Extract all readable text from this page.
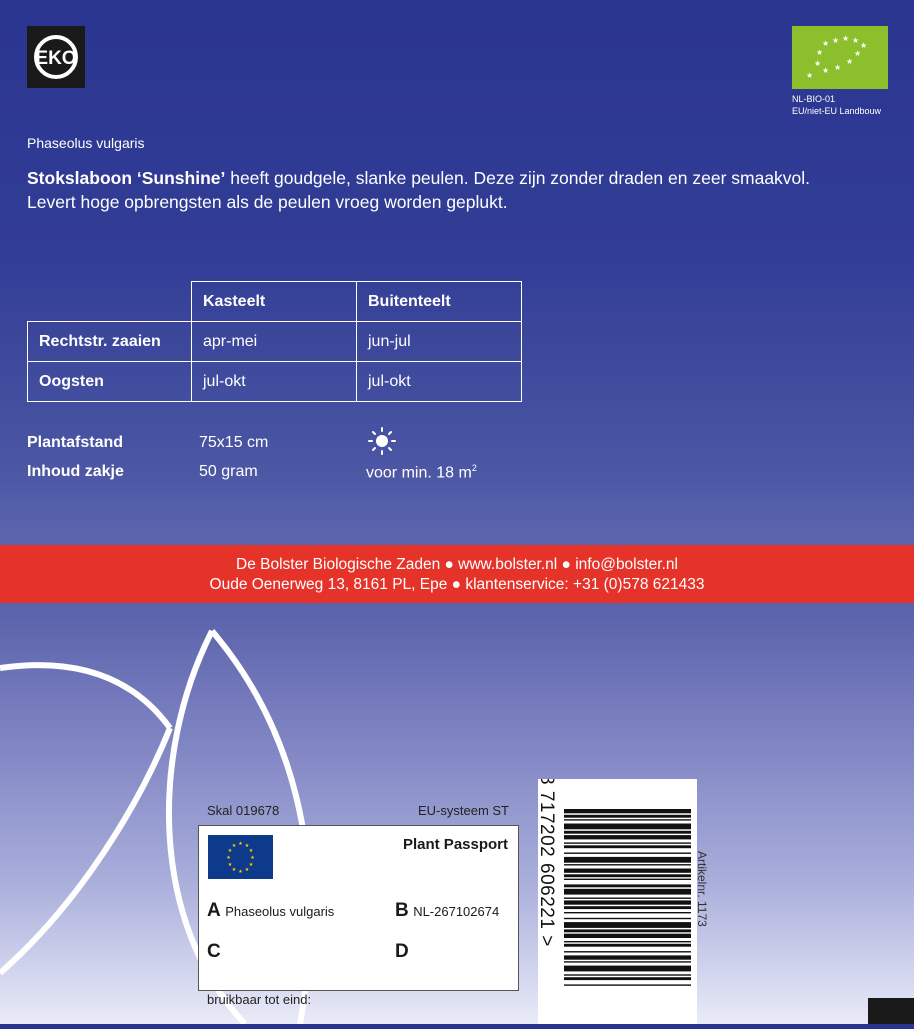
EKO
★ ★ ★ ★
★
★	★
★
★ ★
★
★
NL-BIO-01
EU/niet-EU Landbouw
Phaseolus vulgaris
Stokslaboon ‘Sunshine’ heeft goudgele, slanke peulen. Deze zijn zonder draden en zeer smaakvol.
Levert hoge opbrengsten als de peulen vroeg worden geplukt.
	Kasteelt	Buitenteelt
Rechtstr. zaaien	apr-mei	jun-jul
Oogsten	jul-okt	jul-okt
Plantafstand	75x15 cm
Inhoud zakje	50 gram	voor min. 18 $m^2$
De Bolster Biologische Zaden ● www.bolster.nl ● info@bolster.nl
Oude Oenerweg 13, 8161 PL, Epe ● klantenservice: +31 (0)578 621433
Skal 019678	EU-systeem ST
★ ★
★
★
★
★
★
★
★
★
★
★	Plant Passport
A Phaseolus vulgaris	B NL-267102674
C	D
bruikbaar tot eind:
8 717202 606221 >	Artikelnr. 1173
